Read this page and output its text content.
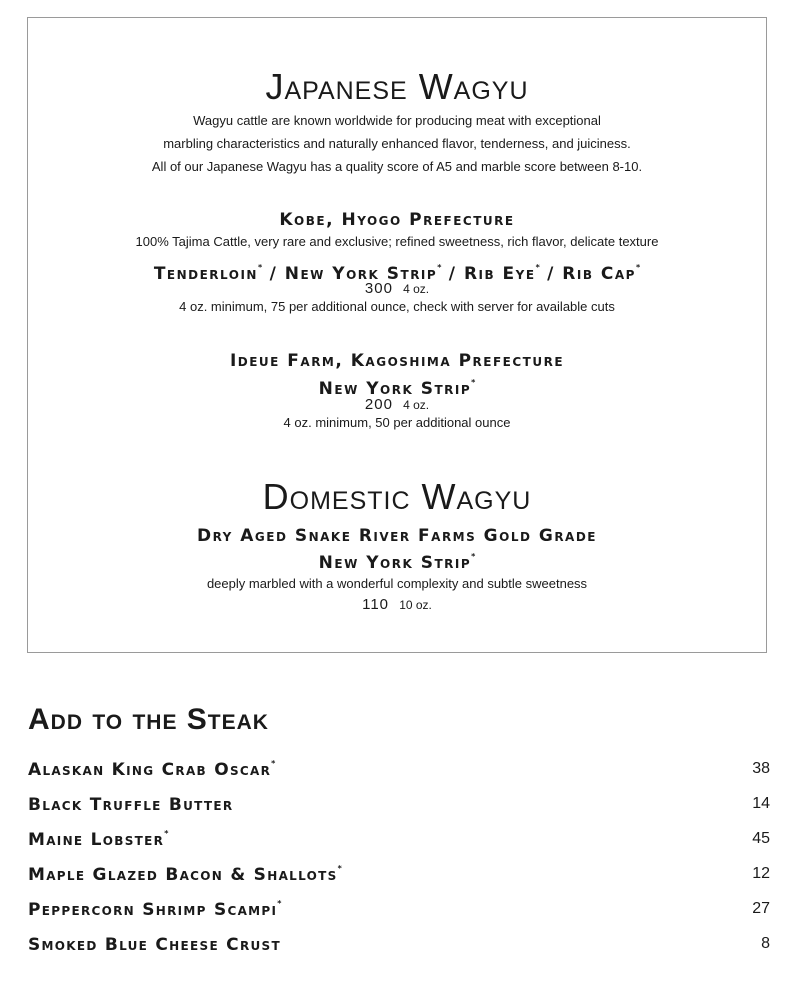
Japanese Wagyu
Wagyu cattle are known worldwide for producing meat with exceptional
marbling characteristics and naturally enhanced flavor, tenderness, and juiciness.
All of our Japanese Wagyu has a quality score of A5 and marble score between 8-10.
Kobe, Hyogo Prefecture
100% Tajima Cattle, very rare and exclusive; refined sweetness, rich flavor, delicate texture
Tenderloin* / New York Strip* / Rib Eye* / Rib Cap*
300 4 oz.
4 oz. minimum, 75 per additional ounce, check with server for available cuts
Ideue Farm, Kagoshima Prefecture
New York Strip*
200 4 oz.
4 oz. minimum, 50 per additional ounce
Domestic Wagyu
Dry Aged Snake River Farms Gold Grade
New York Strip*
deeply marbled with a wonderful complexity and subtle sweetness
110 10 oz.
Add to the Steak
Alaskan King Crab Oscar*	38
Black Truffle Butter	14
Maine Lobster*	45
Maple Glazed Bacon & Shallots*	12
Peppercorn Shrimp Scampi*	27
Smoked Blue Cheese Crust	8
